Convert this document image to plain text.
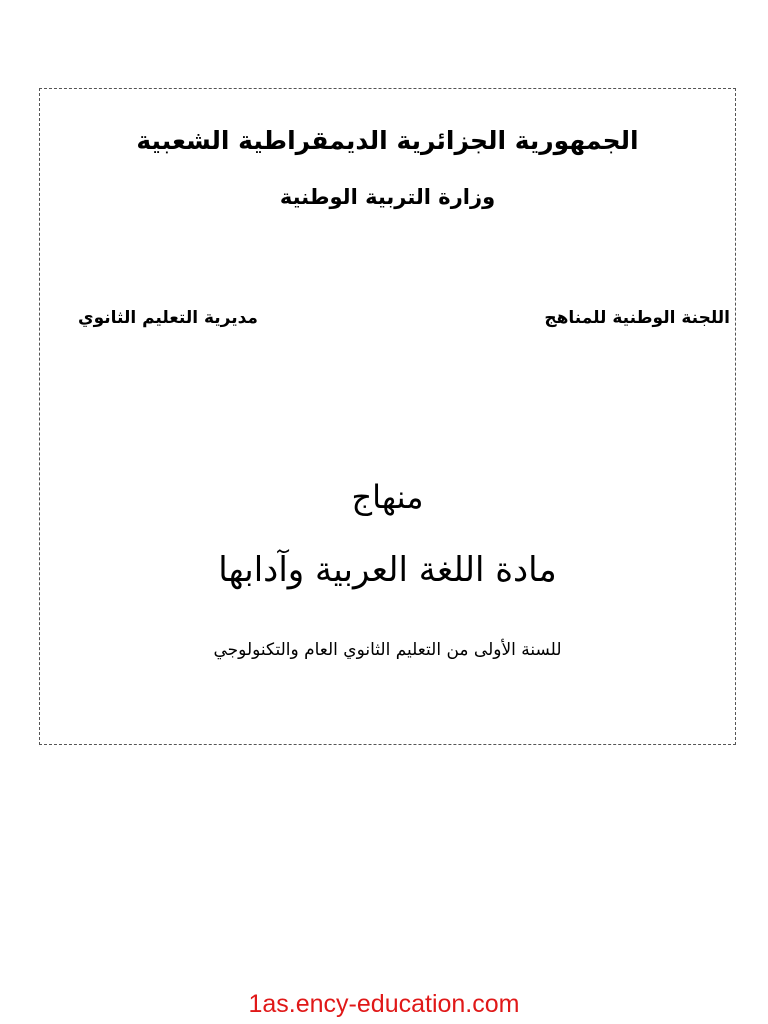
الجمهورية الجزائرية الديمقراطية الشعبية
وزارة التربية الوطنية
اللجنة الوطنية للمناهج
مديرية التعليم الثانوي
منهاج
مادة اللغة العربية وآدابها
للسنة الأولى من التعليم الثانوي العام والتكنولوجي
1as.ency-education.com
